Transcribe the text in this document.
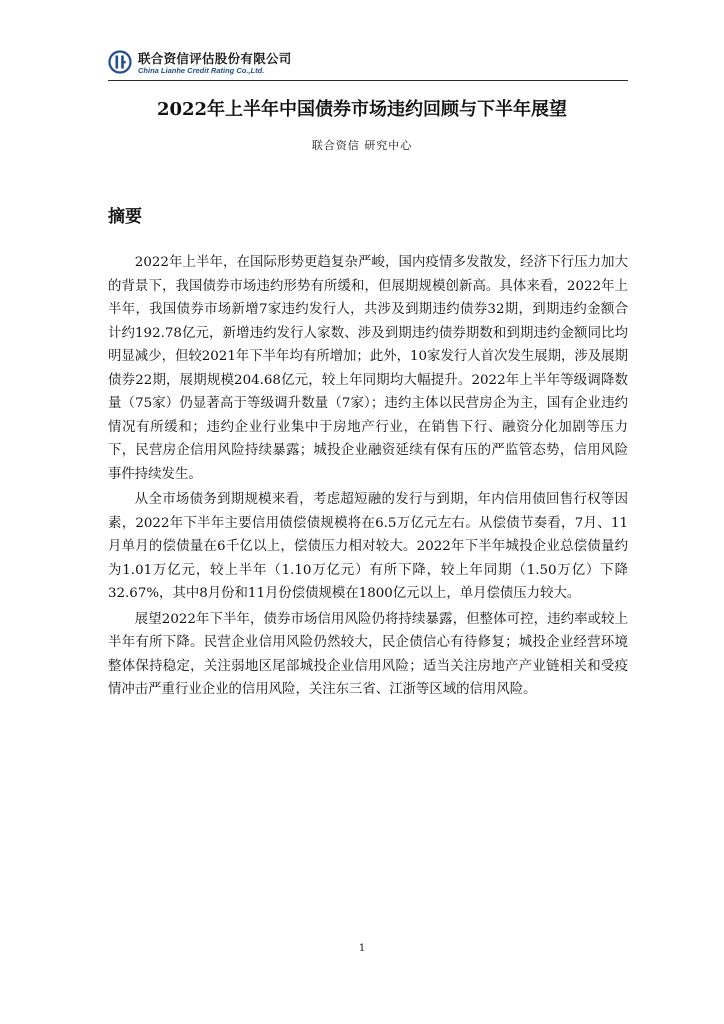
联合资信评估股份有限公司
China Lianhe Credit Rating Co.,Ltd.
2022年上半年中国债券市场违约回顾与下半年展望
联合资信 研究中心
摘要

2022年上半年，在国际形势更趋复杂严峻，国内疫情多发散发，经济下行压力加大的背景下，我国债券市场违约形势有所缓和，但展期规模创新高。具体来看，2022年上半年，我国债券市场新增7家违约发行人，共涉及到期违约债券32期，到期违约金额合计约192.78亿元，新增违约发行人家数、涉及到期违约债券期数和到期违约金额同比均明显减少，但较2021年下半年均有所增加；此外，10家发行人首次发生展期，涉及展期债券22期，展期规模204.68亿元，较上年同期均大幅提升。2022年上半年等级调降数量（75家）仍显著高于等级调升数量（7家）；违约主体以民营房企为主，国有企业违约情况有所缓和；违约企业行业集中于房地产行业，在销售下行、融资分化加剧等压力下，民营房企信用风险持续暴露；城投企业融资延续有保有压的严监管态势，信用风险事件持续发生。

从全市场债务到期规模来看，考虑超短融的发行与到期，年内信用债回售行权等因素，2022年下半年主要信用债偿债规模将在6.5万亿元左右。从偿债节奏看，7月、11月单月的偿债量在6千亿以上，偿债压力相对较大。2022年下半年城投企业总偿债量约为1.01万亿元，较上半年（1.10万亿元）有所下降，较上年同期（1.50万亿）下降32.67%，其中8月份和11月份偿债规模在1800亿元以上，单月偿债压力较大。

展望2022年下半年，债券市场信用风险仍将持续暴露，但整体可控，违约率或较上半年有所下降。民营企业信用风险仍然较大，民企债信心有待修复；城投企业经营环境整体保持稳定，关注弱地区尾部城投企业信用风险；适当关注房地产产业链相关和受疫情冲击严重行业企业的信用风险，关注东三省、江浙等区域的信用风险。

1
